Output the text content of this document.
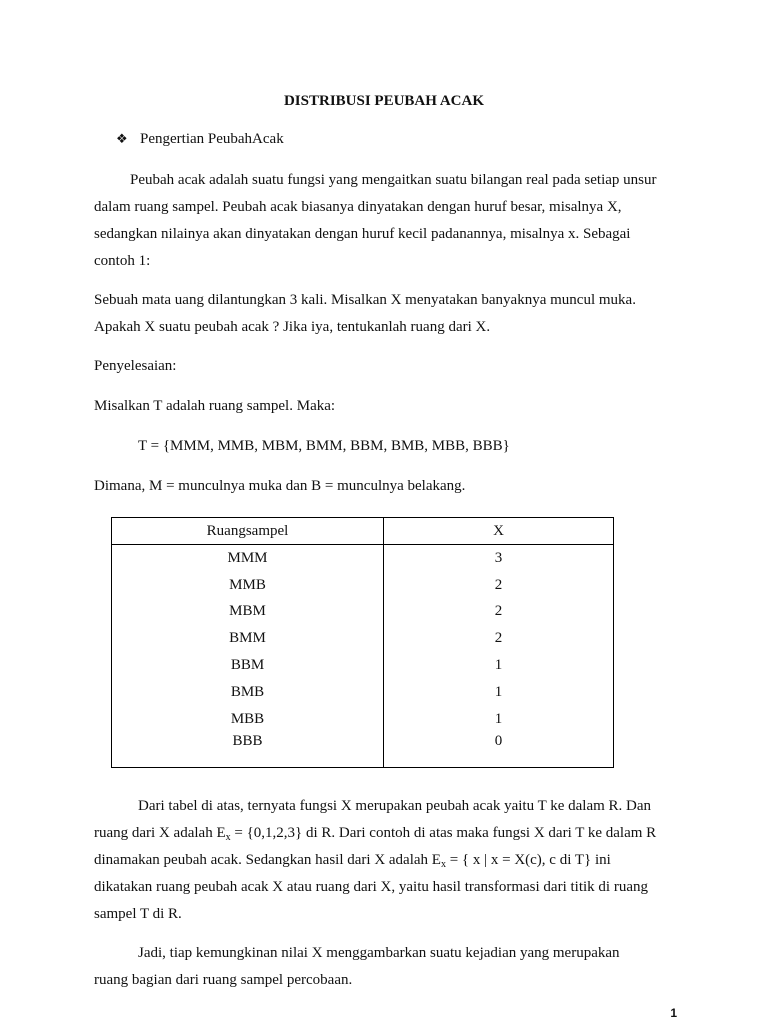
DISTRIBUSI PEUBAH ACAK
❖ Pengertian PeubahAcak
Peubah acak adalah suatu fungsi yang mengaitkan suatu bilangan real pada setiap unsur
dalam ruang sampel. Peubah acak biasanya dinyatakan dengan huruf besar, misalnya X,
sedangkan nilainya akan dinyatakan dengan huruf kecil padanannya, misalnya x. Sebagai
contoh 1:
Sebuah mata uang dilantungkan 3 kali. Misalkan X menyatakan banyaknya muncul muka.
Apakah X suatu peubah acak ? Jika iya, tentukanlah ruang dari X.
Penyelesaian:
Misalkan T adalah ruang sampel. Maka:
T = {MMM, MMB, MBM, BMM, BBM, BMB, MBB, BBB}
Dimana, M = munculnya muka dan B = munculnya belakang.
Ruangsampel	X
MMM	3
MMB	2
MBM	2
BMM	2
BBM	1
BMB	1
MBB	1
BBB	0
Dari tabel di atas, ternyata fungsi X merupakan peubah acak yaitu T ke dalam R. Dan
ruang dari X adalah $E_x = \{0,1,2,3\}$ di R. Dari contoh di atas maka fungsi X dari T ke dalam R
dinamakan peubah acak. Sedangkan hasil dari X adalah $E_x$ = { x | x = X(c), c di T} ini
dikatakan ruang peubah acak X atau ruang dari X, yaitu hasil transformasi dari titik di ruang
sampel T di R.
Jadi, tiap kemungkinan nilai X menggambarkan suatu kejadian yang merupakan
ruang bagian dari ruang sampel percobaan.
1
